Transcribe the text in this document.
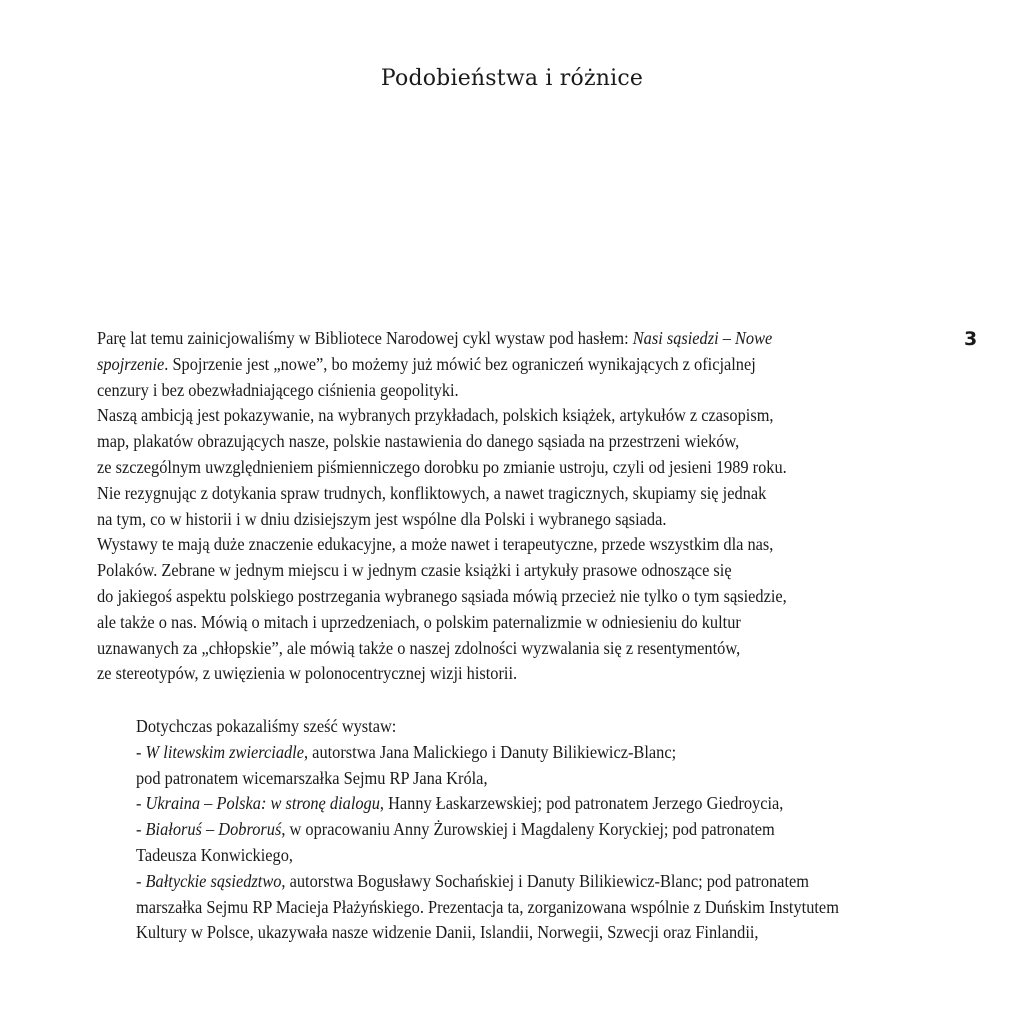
Podobieństwa i różnice
3
Parę lat temu zainicjowaliśmy w Bibliotece Narodowej cykl wystaw pod hasłem: Nasi sąsiedzi – Nowe
spojrzenie. Spojrzenie jest „nowe”, bo możemy już mówić bez ograniczeń wynikających z oficjalnej
cenzury i bez obezwładniającego ciśnienia geopolityki.
Naszą ambicją jest pokazywanie, na wybranych przykładach, polskich książek, artykułów z czasopism,
map, plakatów obrazujących nasze, polskie nastawienia do danego sąsiada na przestrzeni wieków,
ze szczególnym uwzględnieniem piśmienniczego dorobku po zmianie ustroju, czyli od jesieni 1989 roku.
Nie rezygnując z dotykania spraw trudnych, konfliktowych, a nawet tragicznych, skupiamy się jednak
na tym, co w historii i w dniu dzisiejszym jest wspólne dla Polski i wybranego sąsiada.
Wystawy te mają duże znaczenie edukacyjne, a może nawet i terapeutyczne, przede wszystkim dla nas,
Polaków. Zebrane w jednym miejscu i w jednym czasie książki i artykuły prasowe odnoszące się
do jakiegoś aspektu polskiego postrzegania wybranego sąsiada mówią przecież nie tylko o tym sąsiedzie,
ale także o nas. Mówią o mitach i uprzedzeniach, o polskim paternalizmie w odniesieniu do kultur
uznawanych za „chłopskie”, ale mówią także o naszej zdolności wyzwalania się z resentymentów,
ze stereotypów, z uwięzienia w polonocentrycznej wizji historii.
Dotychczas pokazaliśmy sześć wystaw:
- W litewskim zwierciadle, autorstwa Jana Malickiego i Danuty Bilikiewicz-Blanc;
pod patronatem wicemarszałka Sejmu RP Jana Króla,
- Ukraina – Polska: w stronę dialogu, Hanny Łaskarzewskiej; pod patronatem Jerzego Giedroycia,
- Białoruś – Dobroruś, w opracowaniu Anny Żurowskiej i Magdaleny Koryckiej; pod patronatem
Tadeusza Konwickiego,
- Bałtyckie sąsiedztwo, autorstwa Bogusławy Sochańskiej i Danuty Bilikiewicz-Blanc; pod patronatem
marszałka Sejmu RP Macieja Płażyńskiego. Prezentacja ta, zorganizowana wspólnie z Duńskim Instytutem
Kultury w Polsce, ukazywała nasze widzenie Danii, Islandii, Norwegii, Szwecji oraz Finlandii,
